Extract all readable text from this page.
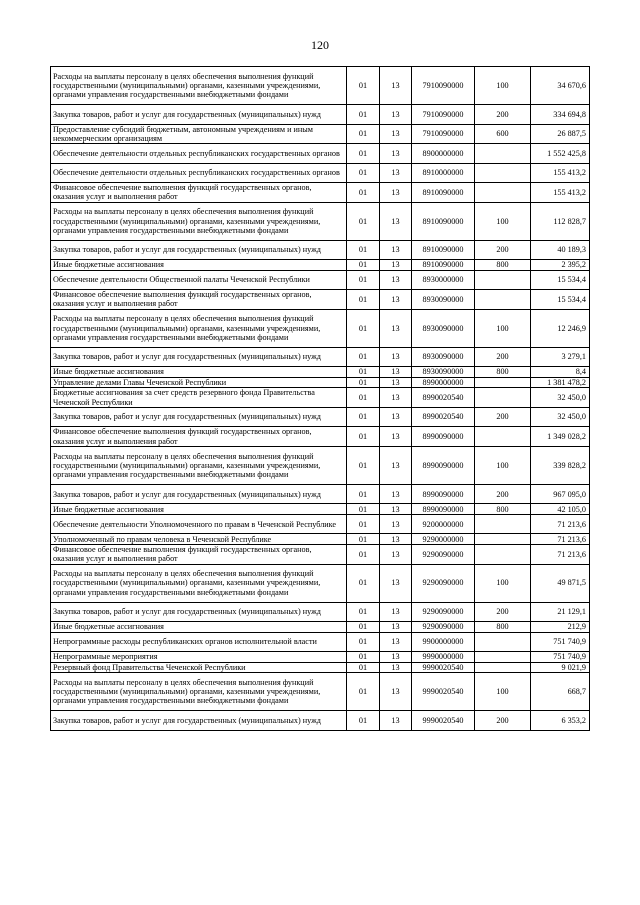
120
Расходы на выплаты персоналу в целях обеспечения выполнения функций государственными (муниципальными) органами, казенными учреждениями, органами управления государственными внебюджетными фондами	01	13	7910090000	100	34 670,6
Закупка товаров, работ и услуг для государственных (муниципальных) нужд	01	13	7910090000	200	334 694,8
Предоставление субсидий бюджетным, автономным учреждениям и иным некоммерческим организациям	01	13	7910090000	600	26 887,5
Обеспечение деятельности отдельных республиканских государственных органов	01	13	8900000000		1 552 425,8
Обеспечение деятельности отдельных республиканских государственных органов	01	13	8910000000		155 413,2
Финансовое обеспечение выполнения функций государственных органов, оказания услуг и выполнения работ	01	13	8910090000		155 413,2
Расходы на выплаты персоналу в целях обеспечения выполнения функций государственными (муниципальными) органами, казенными учреждениями, органами управления государственными внебюджетными фондами	01	13	8910090000	100	112 828,7
Закупка товаров, работ и услуг для государственных (муниципальных) нужд	01	13	8910090000	200	40 189,3
Иные бюджетные ассигнования	01	13	8910090000	800	2 395,2
Обеспечение деятельности Общественной палаты Чеченской Республики	01	13	8930000000		15 534,4
Финансовое обеспечение выполнения функций государственных органов, оказания услуг и выполнения работ	01	13	8930090000		15 534,4
Расходы на выплаты персоналу в целях обеспечения выполнения функций государственными (муниципальными) органами, казенными учреждениями, органами управления государственными внебюджетными фондами	01	13	8930090000	100	12 246,9
Закупка товаров, работ и услуг для государственных (муниципальных) нужд	01	13	8930090000	200	3 279,1
Иные бюджетные ассигнования	01	13	8930090000	800	8,4
Управление делами Главы Чеченской Республики	01	13	8990000000		1 381 478,2
Бюджетные ассигнования за счет средств резервного фонда Правительства Чеченской Республики	01	13	8990020540		32 450,0
Закупка товаров, работ и услуг для государственных (муниципальных) нужд	01	13	8990020540	200	32 450,0
Финансовое обеспечение выполнения функций государственных органов, оказания услуг и выполнения работ	01	13	8990090000		1 349 028,2
Расходы на выплаты персоналу в целях обеспечения выполнения функций государственными (муниципальными) органами, казенными учреждениями, органами управления государственными внебюджетными фондами	01	13	8990090000	100	339 828,2
Закупка товаров, работ и услуг для государственных (муниципальных) нужд	01	13	8990090000	200	967 095,0
Иные бюджетные ассигнования	01	13	8990090000	800	42 105,0
Обеспечение деятельности Уполномоченного по правам в Чеченской Республике	01	13	9200000000		71 213,6
Уполномоченный по правам человека в Чеченской Республике	01	13	9290000000		71 213,6
Финансовое обеспечение выполнения функций государственных органов, оказания услуг и выполнения работ	01	13	9290090000		71 213,6
Расходы на выплаты персоналу в целях обеспечения выполнения функций государственными (муниципальными) органами, казенными учреждениями, органами управления государственными внебюджетными фондами	01	13	9290090000	100	49 871,5
Закупка товаров, работ и услуг для государственных (муниципальных) нужд	01	13	9290090000	200	21 129,1
Иные бюджетные ассигнования	01	13	9290090000	800	212,9
Непрограммные расходы республиканских органов исполнительной власти	01	13	9900000000		751 740,9
Непрограммные мероприятия	01	13	9990000000		751 740,9
Резервный фонд Правительства Чеченской Республики	01	13	9990020540		9 021,9
Расходы на выплаты персоналу в целях обеспечения выполнения функций государственными (муниципальными) органами, казенными учреждениями, органами управления государственными внебюджетными фондами	01	13	9990020540	100	668,7
Закупка товаров, работ и услуг для государственных (муниципальных) нужд	01	13	9990020540	200	6 353,2
